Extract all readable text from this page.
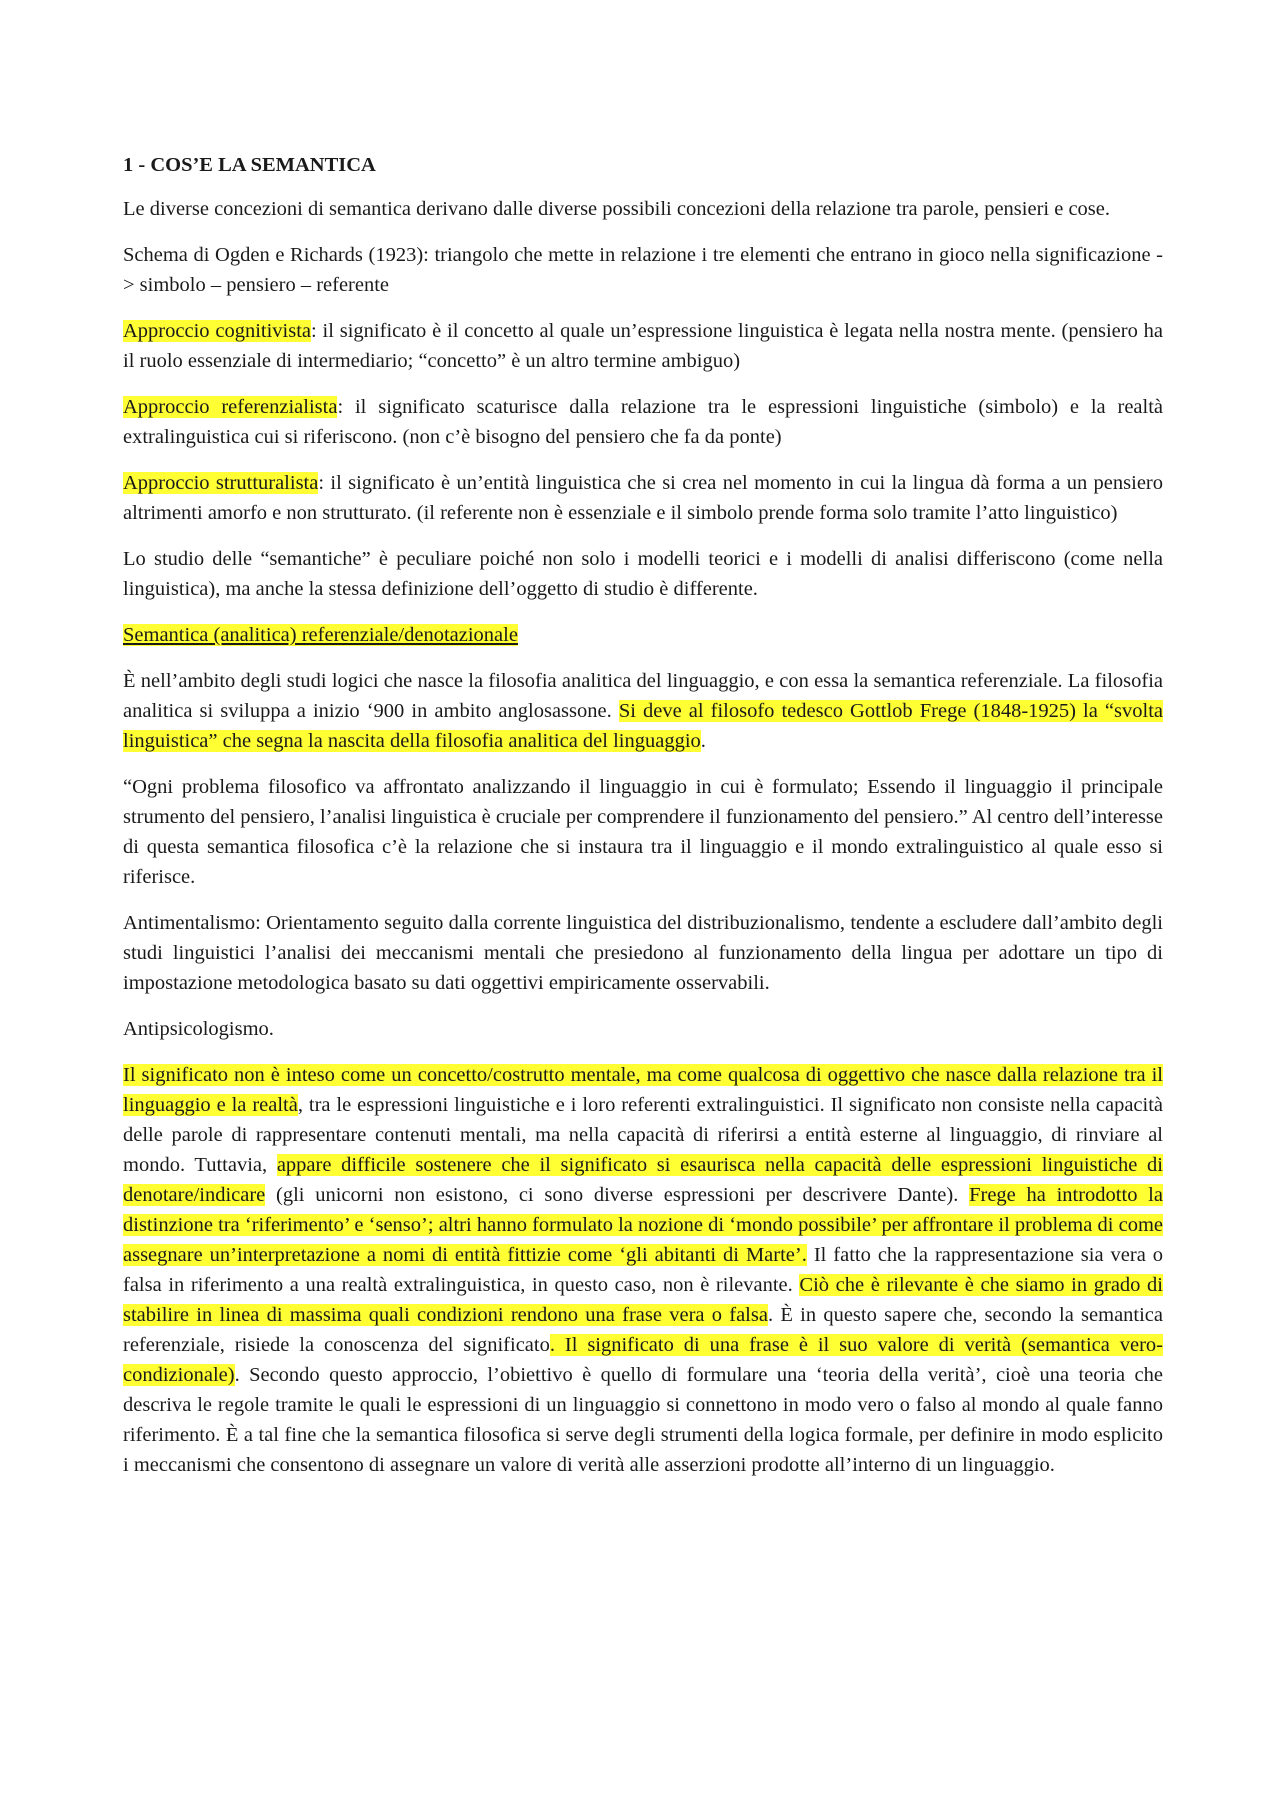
1 - COS’E LA SEMANTICA

Le diverse concezioni di semantica derivano dalle diverse possibili concezioni della relazione tra parole, pensieri e cose.

Schema di Ogden e Richards (1923): triangolo che mette in relazione i tre elementi che entrano in gioco nella significazione -> simbolo – pensiero – referente

Approccio cognitivista: il significato è il concetto al quale un’espressione linguistica è legata nella nostra mente. (pensiero ha il ruolo essenziale di intermediario; “concetto” è un altro termine ambiguo)

Approccio referenzialista: il significato scaturisce dalla relazione tra le espressioni linguistiche (simbolo) e la realtà extralinguistica cui si riferiscono. (non c’è bisogno del pensiero che fa da ponte)

Approccio strutturalista: il significato è un’entità linguistica che si crea nel momento in cui la lingua dà forma a un pensiero altrimenti amorfo e non strutturato. (il referente non è essenziale e il simbolo prende forma solo tramite l’atto linguistico)

Lo studio delle “semantiche” è peculiare poiché non solo i modelli teorici e i modelli di analisi differiscono (come nella linguistica), ma anche la stessa definizione dell’oggetto di studio è differente.

Semantica (analitica) referenziale/denotazionale

È nell’ambito degli studi logici che nasce la filosofia analitica del linguaggio, e con essa la semantica referenziale. La filosofia analitica si sviluppa a inizio ‘900 in ambito anglosassone. Si deve al filosofo tedesco Gottlob Frege (1848-1925) la “svolta linguistica” che segna la nascita della filosofia analitica del linguaggio.

“Ogni problema filosofico va affrontato analizzando il linguaggio in cui è formulato; Essendo il linguaggio il principale strumento del pensiero, l’analisi linguistica è cruciale per comprendere il funzionamento del pensiero.” Al centro dell’interesse di questa semantica filosofica c’è la relazione che si instaura tra il linguaggio e il mondo extralinguistico al quale esso si riferisce.

Antimentalismo: Orientamento seguito dalla corrente linguistica del distribuzionalismo, tendente a escludere dall’ambito degli studi linguistici l’analisi dei meccanismi mentali che presiedono al funzionamento della lingua per adottare un tipo di impostazione metodologica basato su dati oggettivi empiricamente osservabili.

Antipsicologismo.

Il significato non è inteso come un concetto/costrutto mentale, ma come qualcosa di oggettivo che nasce dalla relazione tra il linguaggio e la realtà, tra le espressioni linguistiche e i loro referenti extralinguistici. Il significato non consiste nella capacità delle parole di rappresentare contenuti mentali, ma nella capacità di riferirsi a entità esterne al linguaggio, di rinviare al mondo. Tuttavia, appare difficile sostenere che il significato si esaurisca nella capacità delle espressioni linguistiche di denotare/indicare (gli unicorni non esistono, ci sono diverse espressioni per descrivere Dante). Frege ha introdotto la distinzione tra ‘riferimento’ e ‘senso’; altri hanno formulato la nozione di ‘mondo possibile’ per affrontare il problema di come assegnare un’interpretazione a nomi di entità fittizie come ‘gli abitanti di Marte’. Il fatto che la rappresentazione sia vera o falsa in riferimento a una realtà extralinguistica, in questo caso, non è rilevante. Ciò che è rilevante è che siamo in grado di stabilire in linea di massima quali condizioni rendono una frase vera o falsa. È in questo sapere che, secondo la semantica referenziale, risiede la conoscenza del significato. Il significato di una frase è il suo valore di verità (semantica vero-condizionale). Secondo questo approccio, l’obiettivo è quello di formulare una ‘teoria della verità’, cioè una teoria che descriva le regole tramite le quali le espressioni di un linguaggio si connettono in modo vero o falso al mondo al quale fanno riferimento. È a tal fine che la semantica filosofica si serve degli strumenti della logica formale, per definire in modo esplicito i meccanismi che consentono di assegnare un valore di verità alle asserzioni prodotte all’interno di un linguaggio.
